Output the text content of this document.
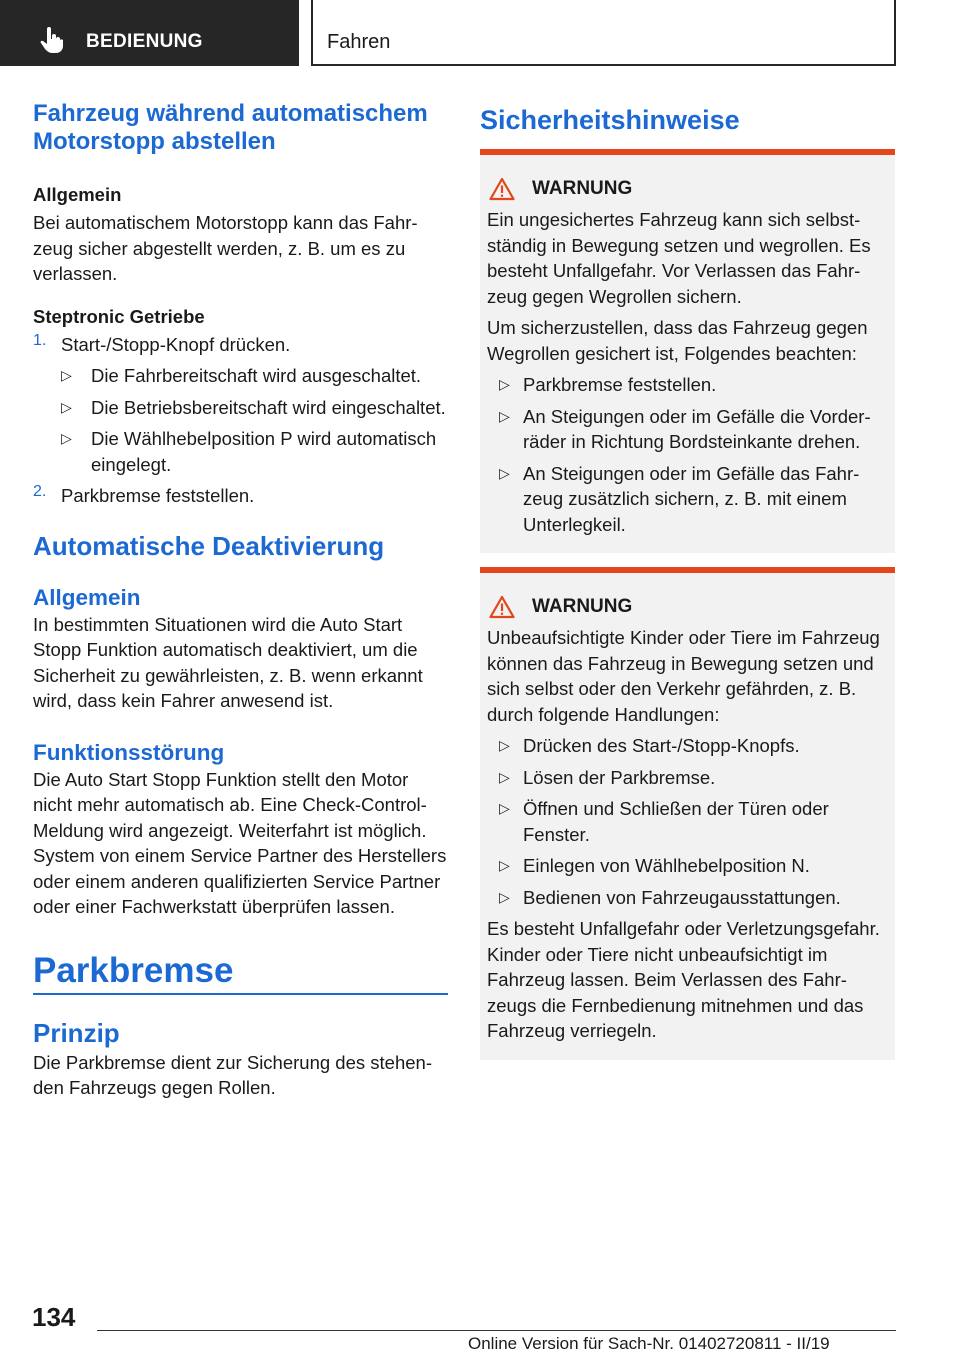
BEDIENUNG	Fahren
Fahrzeug während automatischem Motorstopp abstellen
Allgemein

Bei automatischem Motorstopp kann das Fahrzeug sicher abgestellt werden, z. B. um es zu verlassen.

Steptronic Getriebe
1. Start-/Stopp-Knopf drücken.
▷	Die Fahrbereitschaft wird ausgeschaltet.
▷	Die Betriebsbereitschaft wird eingeschaltet.
▷	Die Wählhebelposition P wird automatisch eingelegt.
2. Parkbremse feststellen.
Automatische Deaktivierung
Allgemein

In bestimmten Situationen wird die Auto Start Stopp Funktion automatisch deaktiviert, um die Sicherheit zu gewährleisten, z. B. wenn erkannt wird, dass kein Fahrer anwesend ist.

Funktionsstörung

Die Auto Start Stopp Funktion stellt den Motor nicht mehr automatisch ab. Eine Check-Control-Meldung wird angezeigt. Weiterfahrt ist möglich. System von einem Service Partner des Herstellers oder einem anderen qualifizierten Service Partner oder einer Fachwerkstatt überprüfen lassen.

Parkbremse
Prinzip

Die Parkbremse dient zur Sicherung des stehenden Fahrzeugs gegen Rollen.

Sicherheitshinweise
WARNUNG

Ein ungesichertes Fahrzeug kann sich selbstständig in Bewegung setzen und wegrollen. Es besteht Unfallgefahr. Vor Verlassen das Fahrzeug gegen Wegrollen sichern.

Um sicherzustellen, dass das Fahrzeug gegen Wegrollen gesichert ist, Folgendes beachten:

▷ Parkbremse feststellen.
▷ An Steigungen oder im Gefälle die Vorderräder in Richtung Bordsteinkante drehen.
▷ An Steigungen oder im Gefälle das Fahrzeug zusätzlich sichern, z. B. mit einem Unterlegkeil.
WARNUNG

Unbeaufsichtigte Kinder oder Tiere im Fahrzeug können das Fahrzeug in Bewegung setzen und sich selbst oder den Verkehr gefährden, z. B. durch folgende Handlungen:

▷ Drücken des Start-/Stopp-Knopfs.
▷ Lösen der Parkbremse.
▷ Öffnen und Schließen der Türen oder Fenster.
▷ Einlegen von Wählhebelposition N.
▷ Bedienen von Fahrzeugausstattungen.

Es besteht Unfallgefahr oder Verletzungsgefahr. Kinder oder Tiere nicht unbeaufsichtigt im Fahrzeug lassen. Beim Verlassen des Fahrzeugs die Fernbedienung mitnehmen und das Fahrzeug verriegeln.

134
Online Version für Sach-Nr. 01402720811 - II/19
